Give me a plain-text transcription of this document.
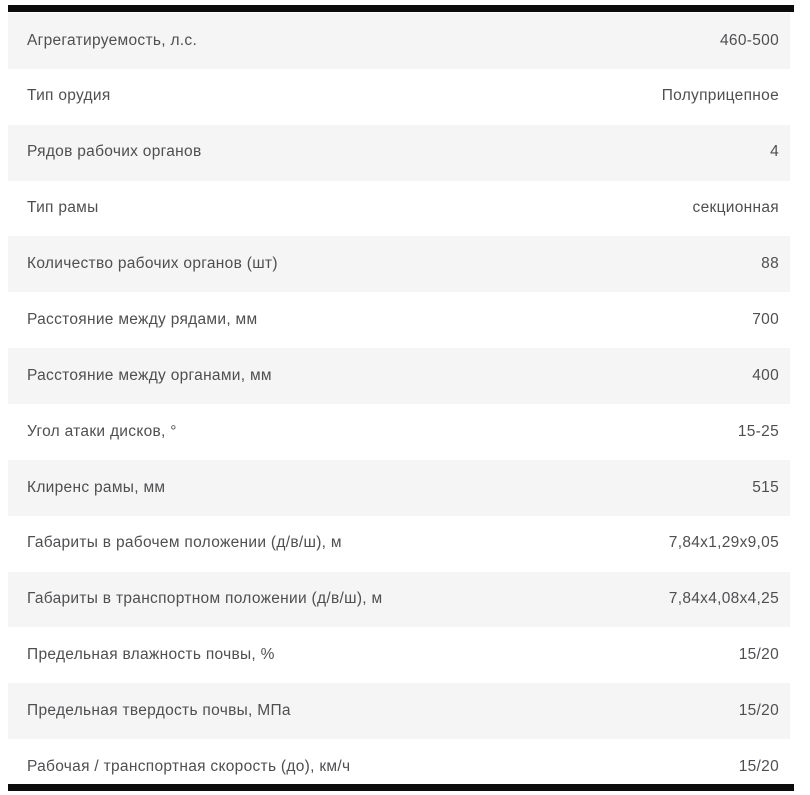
Агрегатируемость, л.с.	460-500
Тип орудия	Полуприцепное
Рядов рабочих органов	4
Тип рамы	секционная
Количество рабочих органов (шт)	88
Расстояние между рядами, мм	700
Расстояние между органами, мм	400
Угол атаки дисков, °	15-25
Клиренс рамы, мм	515
Габариты в рабочем положении (д/в/ш), м	7,84х1,29х9,05
Габариты в транспортном положении (д/в/ш), м	7,84х4,08х4,25
Предельная влажность почвы, %	15/20
Предельная твердость почвы, МПа	15/20
Рабочая / транспортная скорость (до), км/ч	15/20
